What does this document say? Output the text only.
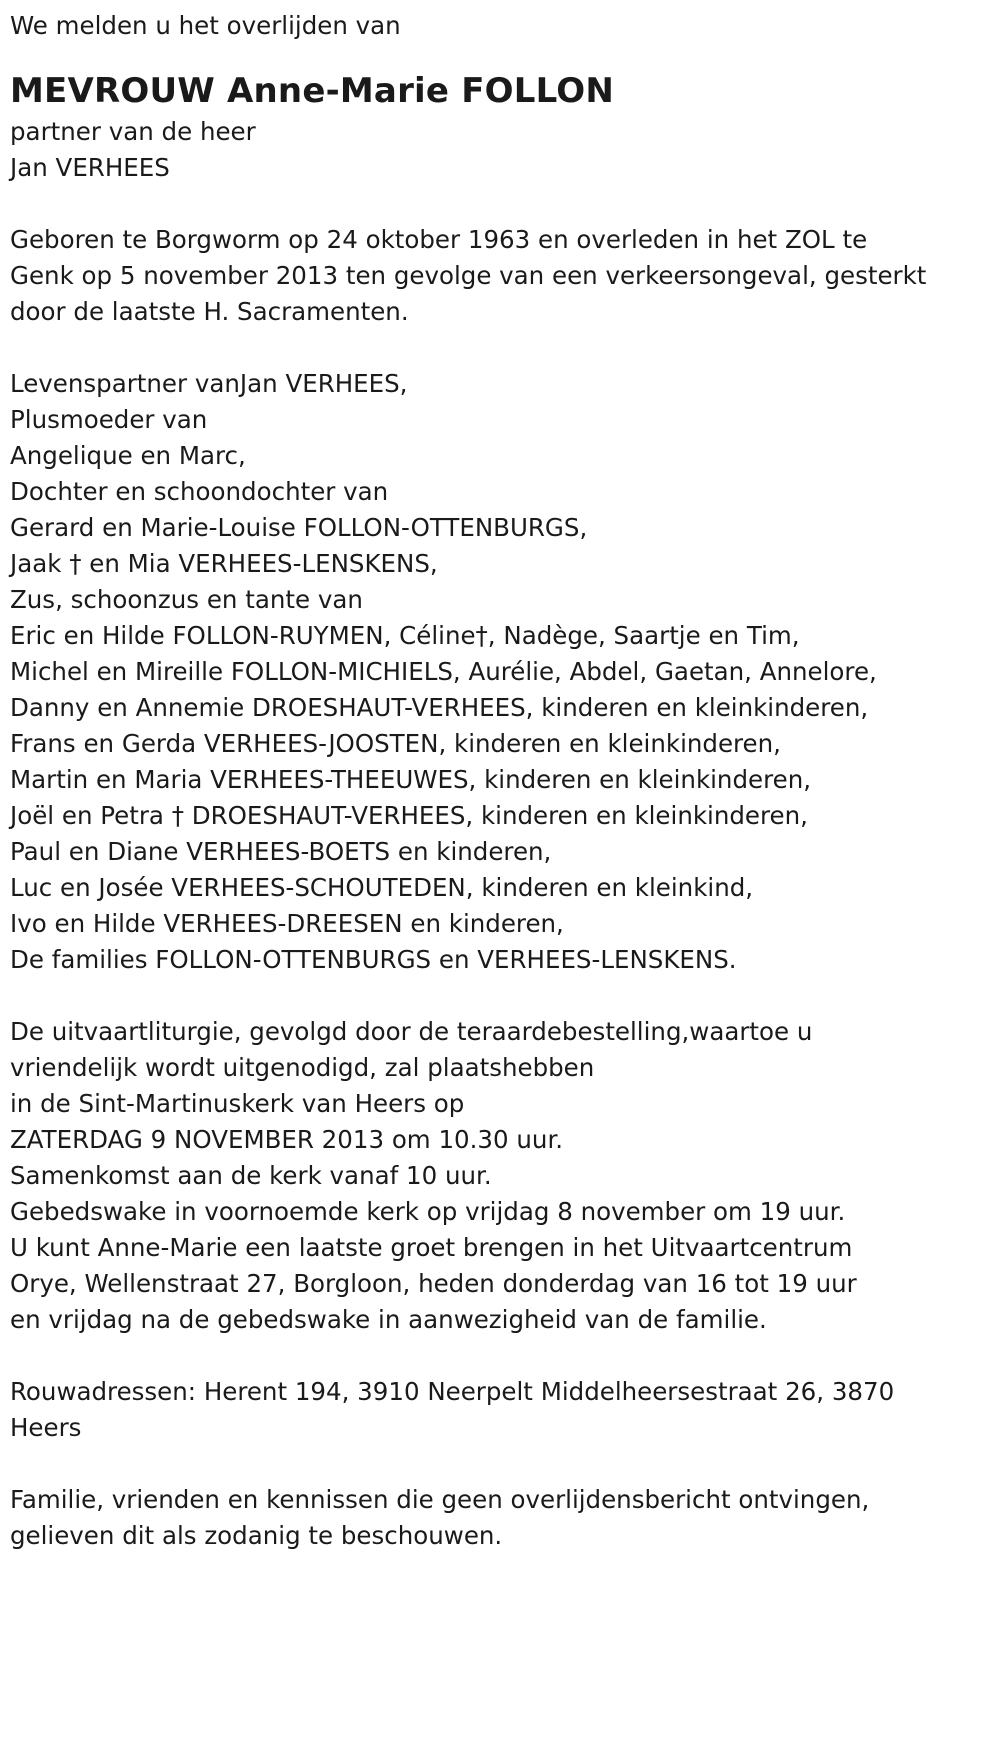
We melden u het overlijden van

MEVROUW Anne-Marie FOLLON

partner van de heer

Jan VERHEES

Geboren te Borgworm op 24 oktober 1963 en overleden in het ZOL te

Genk op 5 november 2013 ten gevolge van een verkeersongeval, gesterkt

door de laatste H. Sacramenten.

Levenspartner vanJan VERHEES,

Plusmoeder van

Angelique en Marc,

Dochter en schoondochter van

Gerard en Marie-Louise FOLLON-OTTENBURGS,

Jaak † en Mia VERHEES-LENSKENS,

Zus, schoonzus en tante van

Eric en Hilde FOLLON-RUYMEN, Céline†, Nadège, Saartje en Tim,

Michel en Mireille FOLLON-MICHIELS, Aurélie, Abdel, Gaetan, Annelore,

Danny en Annemie DROESHAUT-VERHEES, kinderen en kleinkinderen,

Frans en Gerda VERHEES-JOOSTEN, kinderen en kleinkinderen,

Martin en Maria VERHEES-THEEUWES, kinderen en kleinkinderen,

Joël en Petra † DROESHAUT-VERHEES, kinderen en kleinkinderen,

Paul en Diane VERHEES-BOETS en kinderen,

Luc en Josée VERHEES-SCHOUTEDEN, kinderen en kleinkind,

Ivo en Hilde VERHEES-DREESEN en kinderen,

De families FOLLON-OTTENBURGS en VERHEES-LENSKENS.

De uitvaartliturgie, gevolgd door de teraardebestelling,waartoe u

vriendelijk wordt uitgenodigd, zal plaatshebben

in de Sint-Martinuskerk van Heers op

ZATERDAG 9 NOVEMBER 2013 om 10.30 uur.

Samenkomst aan de kerk vanaf 10 uur.

Gebedswake in voornoemde kerk op vrijdag 8 november om 19 uur.

U kunt Anne-Marie een laatste groet brengen in het Uitvaartcentrum

Orye, Wellenstraat 27, Borgloon, heden donderdag van 16 tot 19 uur

en vrijdag na de gebedswake in aanwezigheid van de familie.

Rouwadressen: Herent 194, 3910 Neerpelt Middelheersestraat 26, 3870

Heers

Familie, vrienden en kennissen die geen overlijdensbericht ontvingen,

gelieven dit als zodanig te beschouwen.
